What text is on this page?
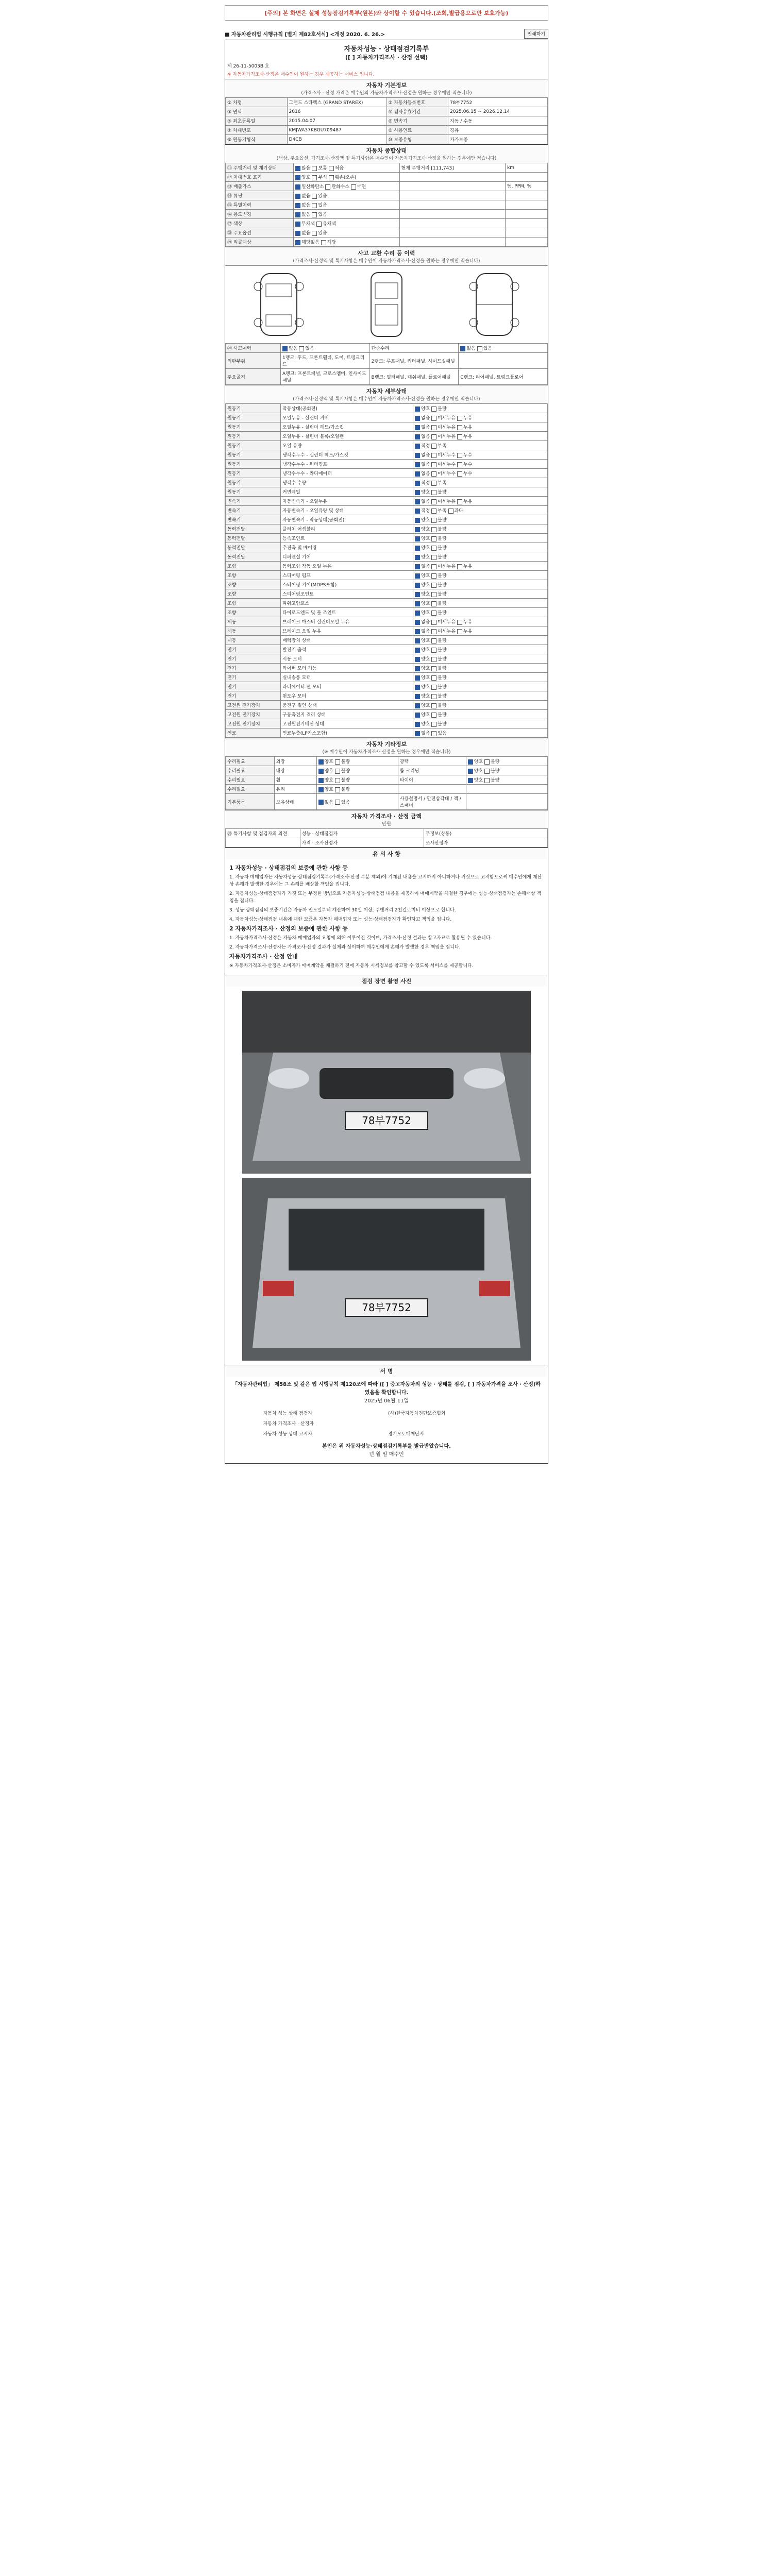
[주의] 본 화면은 실제 성능점검기록부(원본)와 상이할 수 있습니다.(조회,발급용으로만 보호가능)
■ 자동차관리법 시행규칙 [별지 제82호서식] <개정 2020. 6. 26.>	인쇄하기
자동차성능 · 상태점검기록부
([ ] 자동차가격조사 · 산정 선택)
제 26-11-5003B 호
※ 자동차가격조사·산정은 매수인이 원하는 경우 제공하는 서비스 입니다.
자동차 기본정보
(가격조사 · 산정 가격은 매수인의 자동차가격조사·산정을 원하는 경우에만 적습니다)
① 차명	그랜드 스타렉스 (GRAND STAREX)	② 자동차등록번호	78부7752
③ 연식	2016	④ 검사유효기간	2025.06.15 ~ 2026.12.14
⑤ 최초등록일	2015.04.07	⑥ 변속기	자동 / 수동
⑦ 차대번호	KMJWA37KBGU709487	⑧ 사용연료	경유
⑨ 원동기형식	D4CB	⑩ 보증유형	자가보증
자동차 종합상태
(색상, 주요옵션, 가격조사·산정액 및 특기사항은 매수인이 자동차가격조사·산정을 원하는 경우에만 적습니다)
⑪ 주행거리 및 계기상태	많음 보통 적음	현재 주행거리 [111,743]	km
⑫ 차대번호 표기	양호 부식 훼손(오손)		
⑬ 배출가스	일산화탄소 탄화수소 매연		%, PPM, %
⑭ 튜닝	없음 있음		
⑮ 특별이력	없음 있음		
⑯ 용도변경	없음 있음		
⑰ 색상	무채색 유채색		
⑱ 주요옵션	없음 있음		
⑲ 리콜대상	해당없음 해당		
사고 교환 수리 등 이력
(가격조사·산정액 및 특기사항은 매수인이 자동차가격조사·산정을 원하는 경우에만 적습니다)
⑳ 사고이력	없음 있음	단순수리	없음 있음
외판부위	1랭크: 후드, 프론트휀더, 도어, 트렁크리드	2랭크: 루프패널, 쿼터패널, 사이드실패널	
주요골격	A랭크: 프론트패널, 크로스멤버, 인사이드패널	B랭크: 필러패널, 대쉬패널, 플로어패널	C랭크: 리어패널, 트렁크플로어
자동차 세부상태
(가격조사·산정액 및 특기사항은 매수인이 자동차가격조사·산정을 원하는 경우에만 적습니다)
원동기	작동상태(공회전)	양호 불량
원동기	오일누유 - 실린더 커버	없음 미세누유 누유
원동기	오일누유 - 실린더 헤드/가스킷	없음 미세누유 누유
원동기	오일누유 - 실린더 블록/오일팬	없음 미세누유 누유
원동기	오일 유량	적정 부족
원동기	냉각수누수 - 실린더 헤드/가스킷	없음 미세누수 누수
원동기	냉각수누수 - 워터펌프	없음 미세누수 누수
원동기	냉각수누수 - 라디에이터	없음 미세누수 누수
원동기	냉각수 수량	적정 부족
원동기	커먼레일	양호 불량
변속기	자동변속기 - 오일누유	없음 미세누유 누유
변속기	자동변속기 - 오일유량 및 상태	적정 부족 과다
변속기	자동변속기 - 작동상태(공회전)	양호 불량
동력전달	클러치 어셈블리	양호 불량
동력전달	등속조인트	양호 불량
동력전달	추진축 및 베어링	양호 불량
동력전달	디퍼렌셜 기어	양호 불량
조향	동력조향 작동 오일 누유	없음 미세누유 누유
조향	스티어링 펌프	양호 불량
조향	스티어링 기어(MDPS포함)	양호 불량
조향	스티어링조인트	양호 불량
조향	파워고압호스	양호 불량
조향	타이로드엔드 및 볼 조인트	양호 불량
제동	브레이크 마스터 실린더오일 누유	없음 미세누유 누유
제동	브레이크 오일 누유	없음 미세누유 누유
제동	배력장치 상태	양호 불량
전기	발전기 출력	양호 불량
전기	시동 모터	양호 불량
전기	와이퍼 모터 기능	양호 불량
전기	실내송풍 모터	양호 불량
전기	라디에이터 팬 모터	양호 불량
전기	윈도우 모터	양호 불량
고전원 전기장치	충전구 절연 상태	양호 불량
고전원 전기장치	구동축전지 격리 상태	양호 불량
고전원 전기장치	고전원전기배선 상태	양호 불량
연료	연료누출(LP가스포함)	없음 있음
자동차 기타정보
(※ 매수인이 자동차가격조사·산정을 원하는 경우에만 적습니다)
수리필요	외장	양호 불량	광택	양호 불량
수리필요	내장	양호 불량	룸 크리닝	양호 불량
수리필요	휠	양호 불량	타이어	양호 불량
수리필요	유리	양호 불량		
기본품목	보유상태	없음 있음	사용설명서 / 안전삼각대 / 잭 / 스패너	
자동차 가격조사 · 산정 금액
만원
⑳ 특기사항 및 점검자의 의견	성능 · 상태점검자	무정보(상동)
	가격 · 조사산정자	조사산정자
유 의 사 항
1 자동차성능 · 상태점검의 보증에 관한 사항 등

1. 자동차 매매업자는 자동차성능·상태점검기록부(가격조사·산정 부분 제외)에 기재된 내용을 고지하지 아니하거나 거짓으로 고지함으로써 매수인에게 재산상 손해가 발생한 경우에는 그 손해를 배상할 책임을 집니다.

2. 자동차성능·상태점검자가 거짓 또는 부정한 방법으로 자동차성능·상태점검 내용을 제공하여 매매계약을 체결한 경우에는 성능·상태점검자는 손해배상 책임을 집니다.

3. 성능·상태점검의 보증기간은 자동차 인도일부터 계산하여 30일 이상, 주행거리 2천킬로미터 이상으로 합니다.

4. 자동차성능·상태점검 내용에 대한 보증은 자동차 매매업자 또는 성능·상태점검자가 확인하고 책임을 집니다.

2 자동차가격조사 · 산정의 보증에 관한 사항 등

1. 자동차가격조사·산정은 자동차 매매업자의 요청에 의해 이루어진 것이며, 가격조사·산정 결과는 참고자료로 활용될 수 있습니다.

2. 자동차가격조사·산정자는 가격조사·산정 결과가 실제와 상이하여 매수인에게 손해가 발생한 경우 책임을 집니다.

자동차가격조사 · 산정 안내

※ 자동차가격조사·산정은 소비자가 매매계약을 체결하기 전에 자동차 시세정보를 참고할 수 있도록 서비스를 제공합니다.

점검 장면 촬영 사진
78부7752
78부7752
서 명
「자동차관리법」 제58조 및 같은 법 시행규칙 제120조에 따라 ([ ] 중고자동차의 성능 · 상태를 점검, [ ] 자동차가격을 조사 · 산정)하였음을 확인합니다.
2025년 06월 11일
자동차 성능 상태 점검자	(사)한국자동차진단보증협회
자동차 가격조사 · 산정자	
자동차 성능 상태 고지자	경기오토매매단지
본인은 위 자동차성능·상태점검기록부를 발급받았습니다.
년 월 일 매수인
